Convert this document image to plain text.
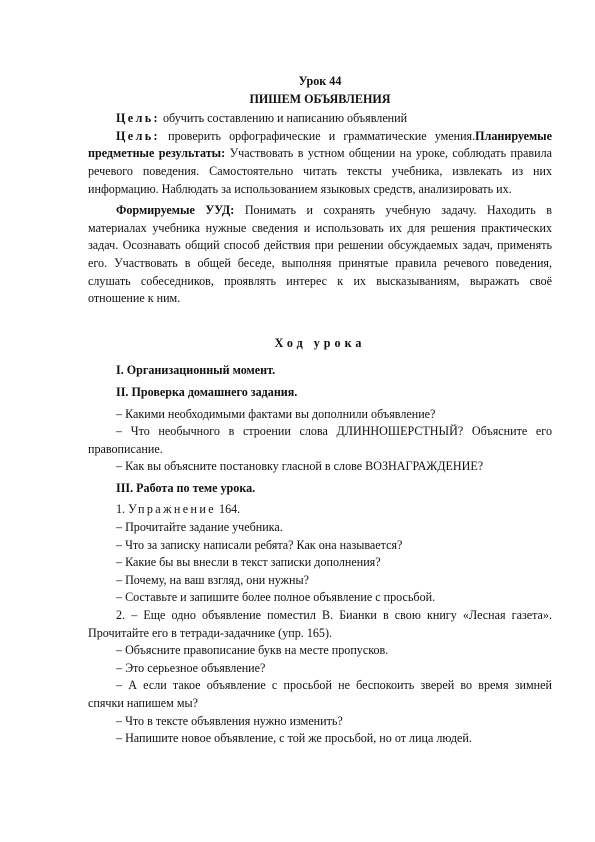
Урок 44

ПИШЕМ ОБЪЯВЛЕНИЯ

Цель: обучить составлению и написанию объявлений

Цель: проверить орфографические и грамматические умения.Планируемые предметные результаты: Участвовать в устном общении на уроке, соблюдать правила речевого поведения. Самостоятельно читать тексты учебника, извлекать из них информацию. Наблюдать за использованием языковых средств, анализировать их.

Формируемые УУД: Понимать и сохранять учебную задачу. Находить в материалах учебника нужные сведения и использовать их для решения практических задач. Осознавать общий способ действия при решении обсуждаемых задач, применять его. Участвовать в общей беседе, выполняя принятые правила речевого поведения, слушать собеседников, проявлять интерес к их высказываниям, выражать своё отношение к ним.

Ход урока

I. Организационный момент.

II. Проверка домашнего задания.

– Какими необходимыми фактами вы дополнили объявление?

– Что необычного в строении слова ДЛИННОШЕРСТНЫЙ? Объясните его правописание.

– Как вы объясните постановку гласной в слове ВОЗНАГРАЖДЕНИЕ?

III. Работа по теме урока.

1. Упражнение 164.

– Прочитайте задание учебника.

– Что за записку написали ребята? Как она называется?

– Какие бы вы внесли в текст записки дополнения?

– Почему, на ваш взгляд, они нужны?

– Составьте и запишите более полное объявление с просьбой.

2. – Еще одно объявление поместил В. Бианки в свою книгу «Лесная газета». Прочитайте его в тетради-задачнике (упр. 165).

– Объясните правописание букв на месте пропусков.

– Это серьезное объявление?

– А если такое объявление с просьбой не беспокоить зверей во время зимней спячки напишем мы?

– Что в тексте объявления нужно изменить?

– Напишите новое объявление, с той же просьбой, но от лица людей.
